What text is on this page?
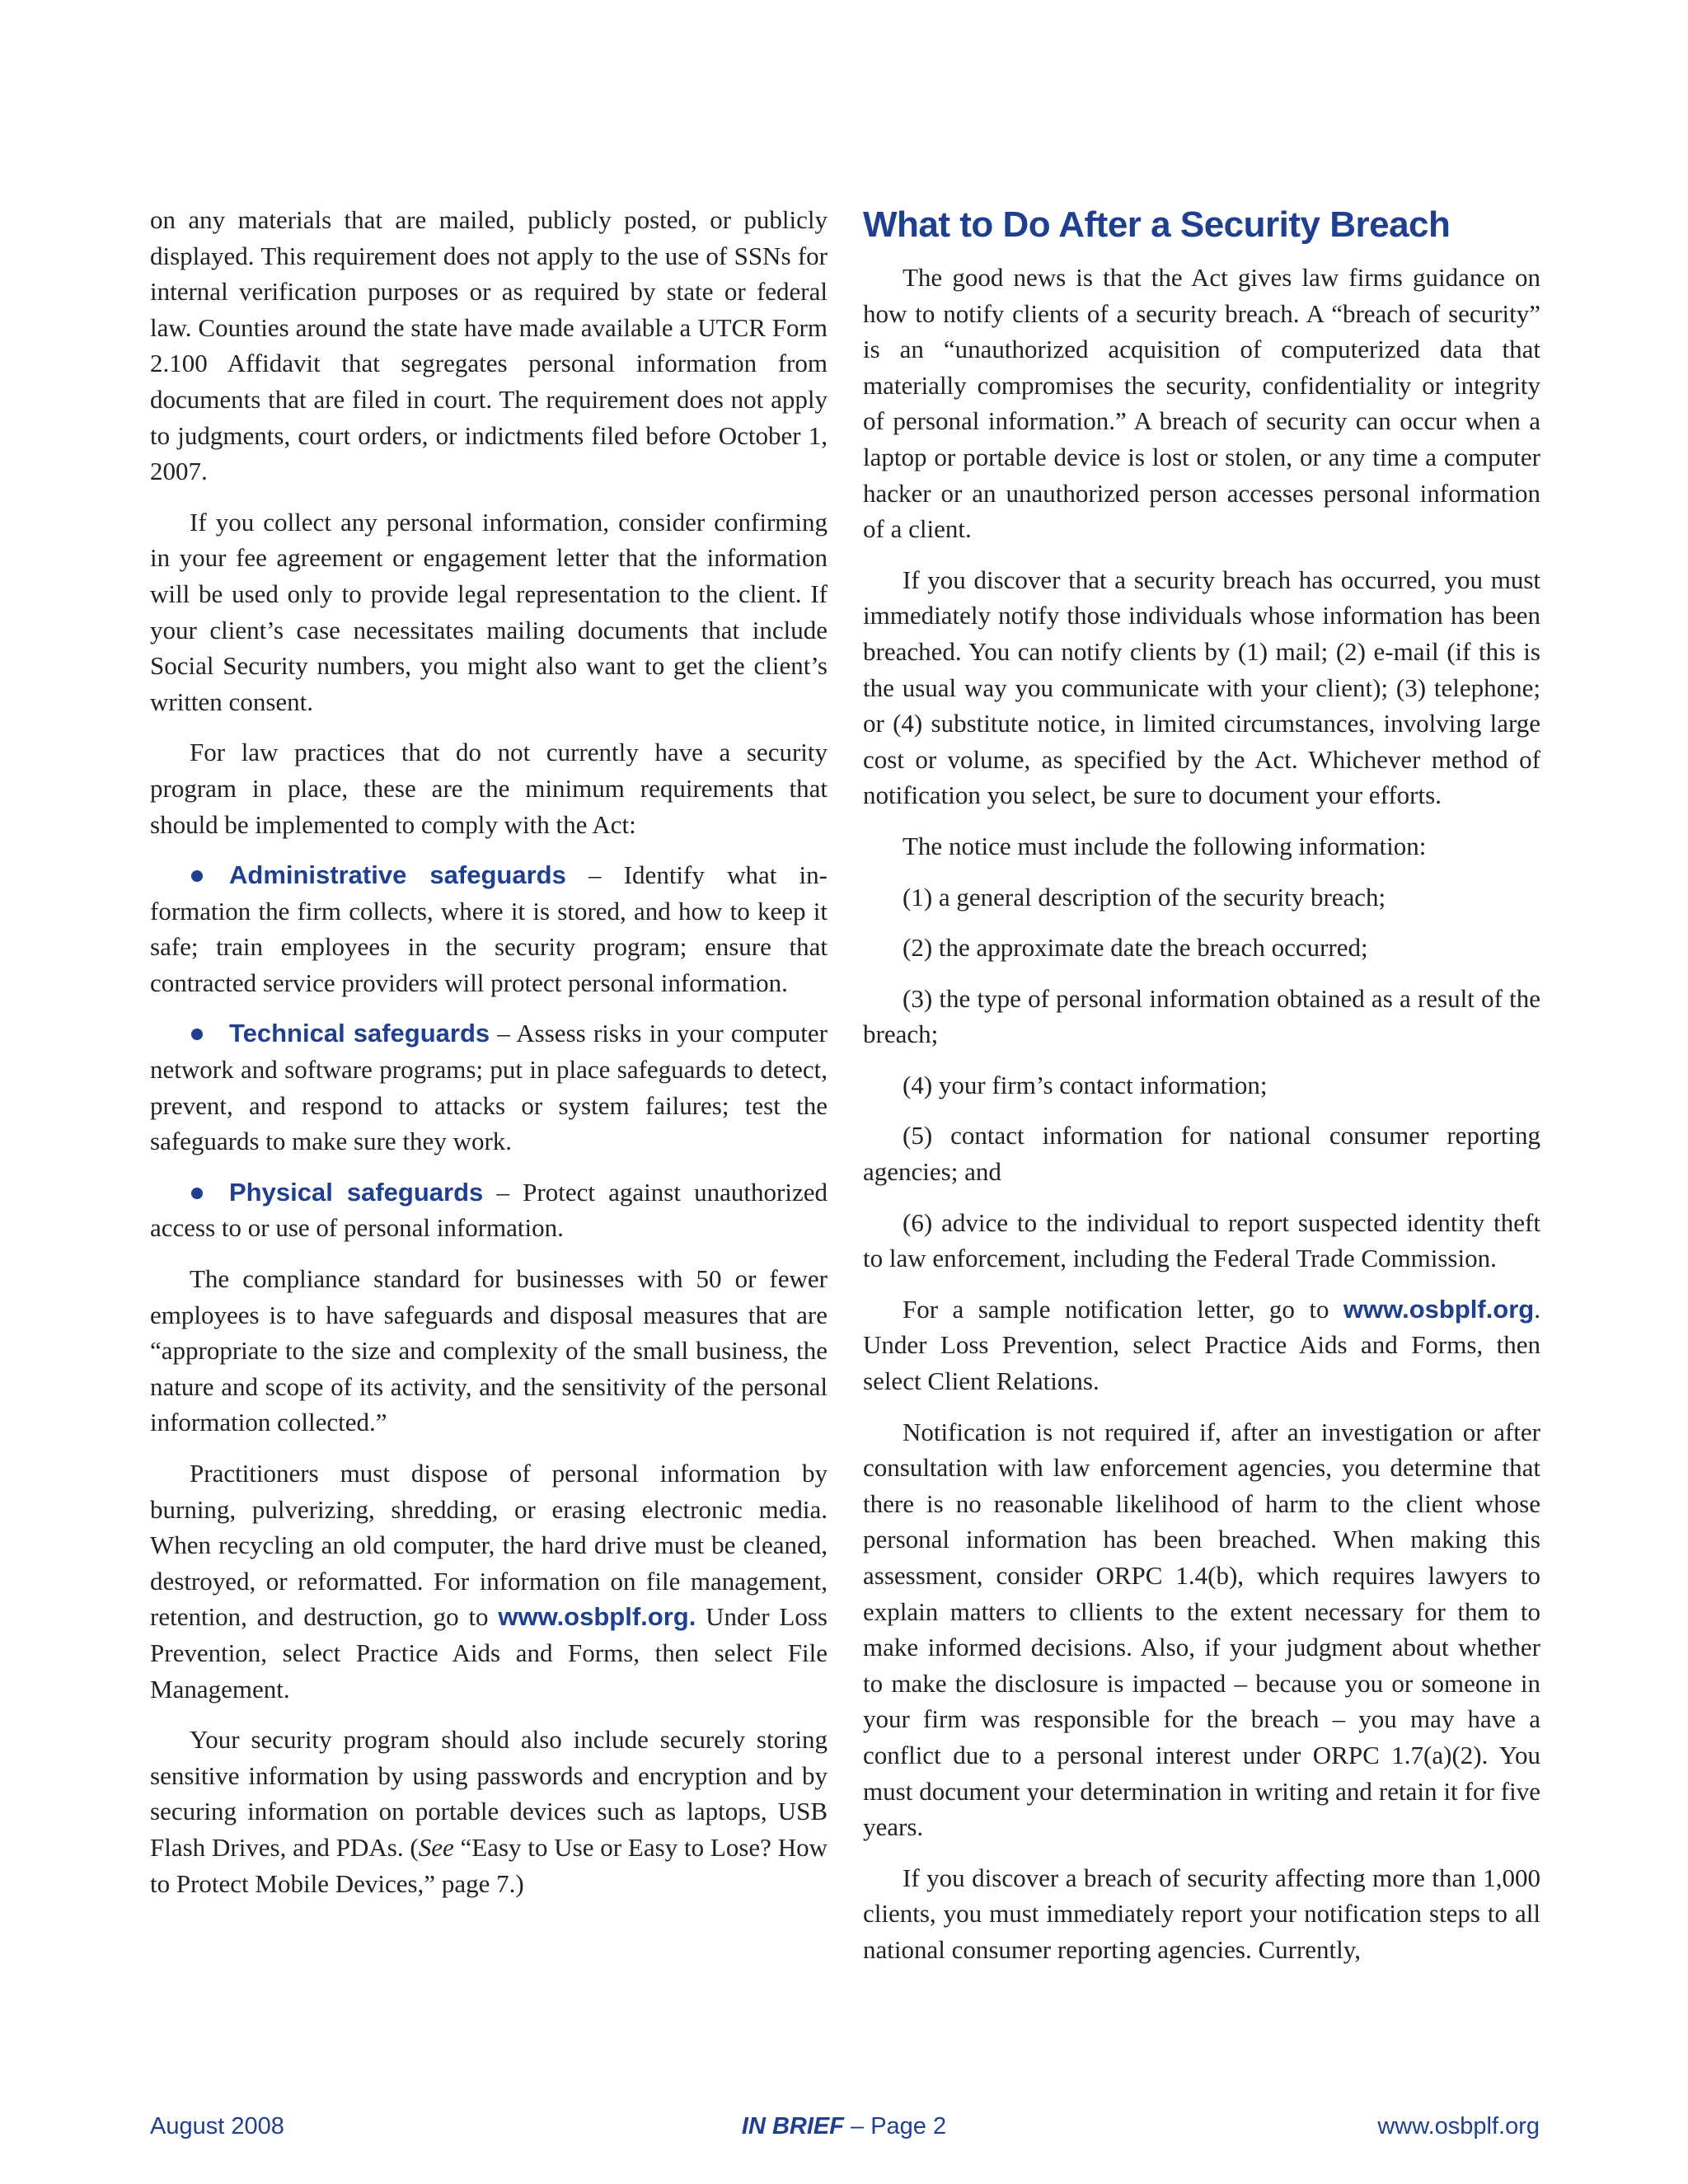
on any materials that are mailed, publicly posted, or publicly displayed. This requirement does not apply to the use of SSNs for internal verification purposes or as required by state or federal law. Counties around the state have made available a UTCR Form 2.100 Affidavit that segregates personal information from documents that are filed in court. The requirement does not apply to judgments, court orders, or indictments filed before October 1, 2007.

If you collect any personal information, consider confirming in your fee agreement or engagement letter that the information will be used only to provide legal representation to the client. If your client’s case necessitates mailing documents that include Social Security numbers, you might also want to get the client’s written consent.

For law practices that do not currently have a security program in place, these are the minimum requirements that should be implemented to comply with the Act:

Administrative safeguards – Identify what information the firm collects, where it is stored, and how to keep it safe; train employees in the security program; ensure that contracted service providers will protect personal information.
Technical safeguards – Assess risks in your computer network and software programs; put in place safeguards to detect, prevent, and respond to attacks or system failures; test the safeguards to make sure they work.
Physical safeguards – Protect against unauthorized access to or use of personal information.

The compliance standard for businesses with 50 or fewer employees is to have safeguards and disposal measures that are “appropriate to the size and complexity of the small business, the nature and scope of its activity, and the sensitivity of the personal information collected.”

Practitioners must dispose of personal information by burning, pulverizing, shredding, or erasing electronic media. When recycling an old computer, the hard drive must be cleaned, destroyed, or reformatted. For information on file management, retention, and destruction, go to www.osbplf.org. Under Loss Prevention, select Practice Aids and Forms, then select File Management.

Your security program should also include securely storing sensitive information by using passwords and encryption and by securing information on portable devices such as laptops, USB Flash Drives, and PDAs. (See “Easy to Use or Easy to Lose? How to Protect Mobile Devices,” page 7.)

What to Do After a Security Breach

The good news is that the Act gives law firms guidance on how to notify clients of a security breach. A “breach of security” is an “unauthorized acquisition of computerized data that materially compromises the security, confidentiality or integrity of personal information.” A breach of security can occur when a laptop or portable device is lost or stolen, or any time a computer hacker or an unauthorized person accesses personal information of a client.

If you discover that a security breach has occurred, you must immediately notify those individuals whose information has been breached. You can notify clients by (1) mail; (2) e-mail (if this is the usual way you communicate with your client); (3) telephone; or (4) substitute notice, in limited circumstances, involving large cost or volume, as specified by the Act. Whichever method of notification you select, be sure to document your efforts.

The notice must include the following information:

(1) a general description of the security breach;

(2) the approximate date the breach occurred;

(3) the type of personal information obtained as a result of the breach;

(4) your firm’s contact information;

(5) contact information for national consumer reporting agencies; and

(6) advice to the individual to report suspected identity theft to law enforcement, including the Federal Trade Commission.

For a sample notification letter, go to www.osbplf.org. Under Loss Prevention, select Practice Aids and Forms, then select Client Relations.

Notification is not required if, after an investigation or after consultation with law enforcement agencies, you determine that there is no reasonable likelihood of harm to the client whose personal information has been breached. When making this assessment, consider ORPC 1.4(b), which requires lawyers to explain matters to cllients to the extent necessary for them to make informed decisions. Also, if your judgment about whether to make the disclosure is impacted – because you or someone in your firm was responsible for the breach – you may have a conflict due to a personal interest under ORPC 1.7(a)(2). You must document your determination in writing and retain it for five years.

If you discover a breach of security affecting more than 1,000 clients, you must immediately report your notification steps to all national consumer reporting agencies. Currently,

August 2008	IN BRIEF – Page 2	www.osbplf.org
